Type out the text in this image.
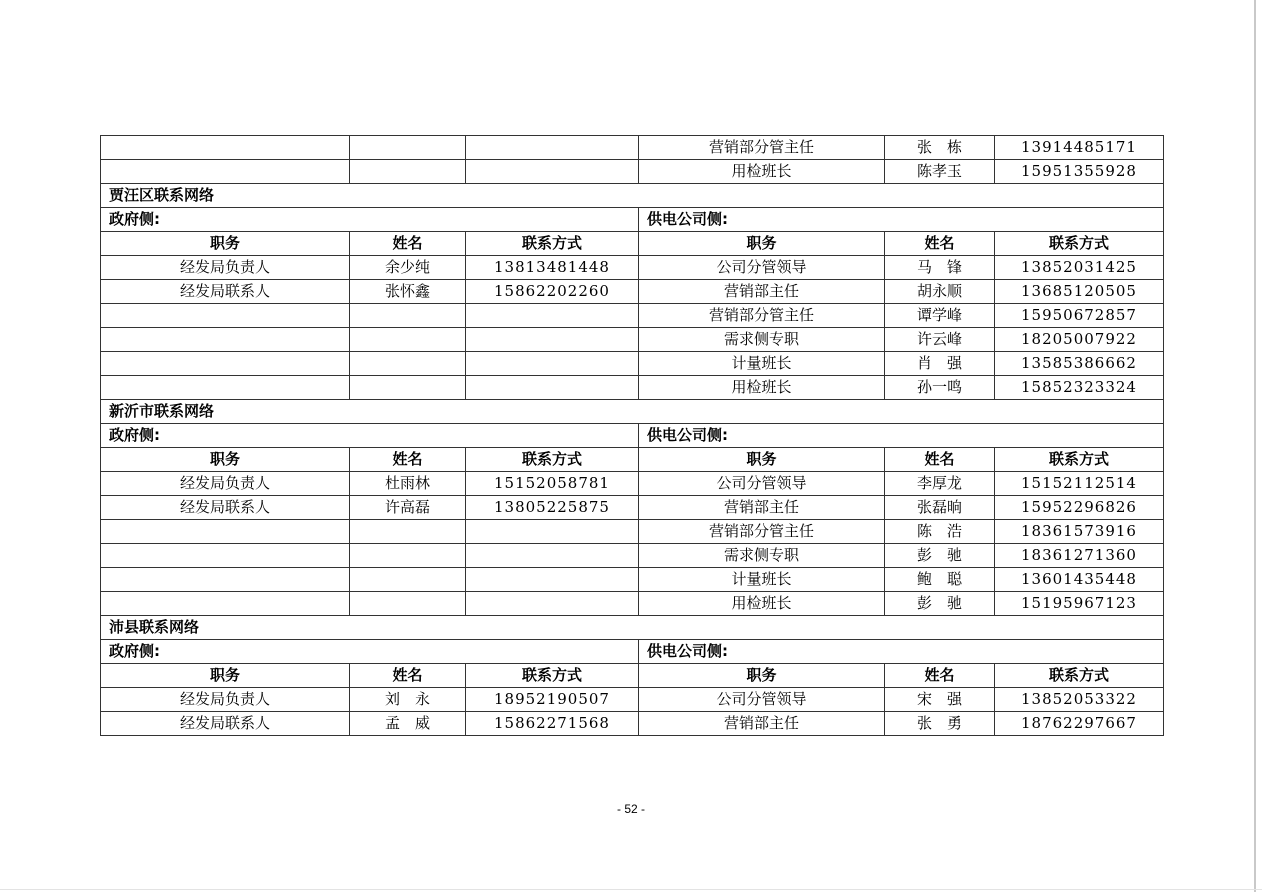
			营销部分管主任	张　栋	13914485171
			用检班长	陈孝玉	15951355928
贾汪区联系网络					
政府侧:			供电公司侧:		
职务	姓名	联系方式	职务	姓名	联系方式
经发局负责人	余少纯	13813481448	公司分管领导	马　锋	13852031425
经发局联系人	张怀鑫	15862202260	营销部主任	胡永顺	13685120505
			营销部分管主任	谭学峰	15950672857
			需求侧专职	许云峰	18205007922
			计量班长	肖　强	13585386662
			用检班长	孙一鸣	15852323324
新沂市联系网络					
政府侧:			供电公司侧:		
职务	姓名	联系方式	职务	姓名	联系方式
经发局负责人	杜雨林	15152058781	公司分管领导	李厚龙	15152112514
经发局联系人	许高磊	13805225875	营销部主任	张磊晌	15952296826
			营销部分管主任	陈　浩	18361573916
			需求侧专职	彭　驰	18361271360
			计量班长	鲍　聪	13601435448
			用检班长	彭　驰	15195967123
沛县联系网络					
政府侧:			供电公司侧:		
职务	姓名	联系方式	职务	姓名	联系方式
经发局负责人	刘　永	18952190507	公司分管领导	宋　强	13852053322
经发局联系人	孟　威	15862271568	营销部主任	张　勇	18762297667
- 52 -
